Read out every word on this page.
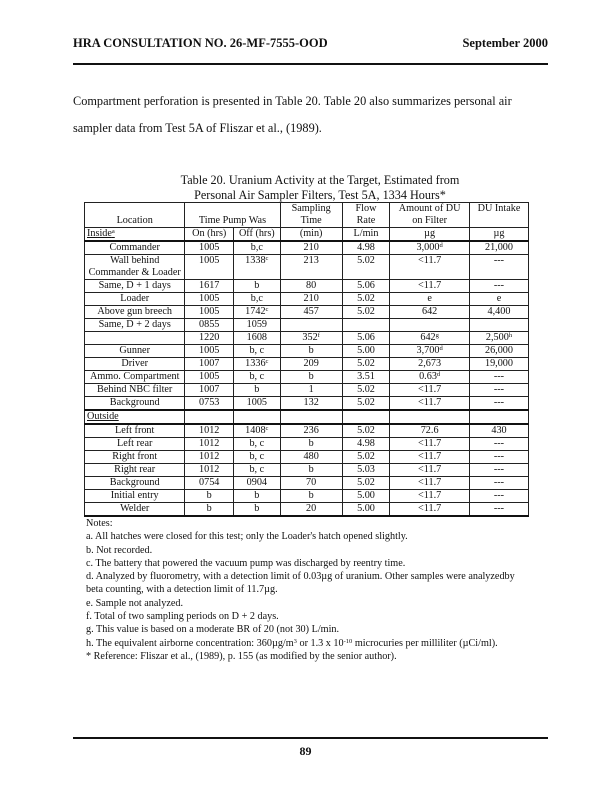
HRA CONSULTATION NO. 26-MF-7555-OOD	September 2000

Compartment perforation is presented in Table 20. Table 20 also summarizes personal air

sampler data from Test 5A of Fliszar et al., (1989).

Table 20. Uranium Activity at the Target, Estimated from
Personal Air Sampler Filters, Test 5A, 1334 Hours*
Location	Time Pump Was		Sampling Time	Flow Rate	Amount of DU on Filter	DU Intake
Inside$^a$	On (hrs)	Off (hrs)	(min)	L/min	µg	µg
Commander	1005	b,c	210	4.98	3,000$^d$	21,000
Wall behind Commander & Loader	1005	1338$^c$	213	5.02	<11.7	---
Same, D + 1 days	1617	b	80	5.06	<11.7	---
Loader	1005	b,c	210	5.02	e	e
Above gun breech	1005	1742$^c$	457	5.02	642	4,400
Same, D + 2 days	0855	1059				
	1220	1608	352$^f$	5.06	642$^g$	2,500$^h$
Gunner	1005	b, c	b	5.00	3,700$^d$	26,000
Driver	1007	1336$^c$	209	5.02	2,673	19,000
Ammo. Compartment	1005	b, c	b	3.51	0.63$^d$	---
Behind NBC filter	1007	b	1	5.02	<11.7	---
Background	0753	1005	132	5.02	<11.7	---
Outside						
Left front	1012	1408$^c$	236	5.02	72.6	430
Left rear	1012	b, c	b	4.98	<11.7	---
Right front	1012	b, c	480	5.02	<11.7	---
Right rear	1012	b, c	b	5.03	<11.7	---
Background	0754	0904	70	5.02	<11.7	---
Initial entry	b	b	b	5.00	<11.7	---
Welder	b	b	20	5.00	<11.7	---
Notes:
a. All hatches were closed for this test; only the Loader's hatch opened slightly.
b. Not recorded.
c. The battery that powered the vacuum pump was discharged by reentry time.
d. Analyzed by fluorometry, with a detection limit of 0.03µg of uranium. Other samples were analyzedby
beta counting, with a detection limit of 11.7µg.
e. Sample not analyzed.
f. Total of two sampling periods on D + 2 days.
g. This value is based on a moderate BR of 20 (not 30) L/min.
h. The equivalent airborne concentration: $360\mu g/m^3$ or 1.3 x $10^{-10}$ microcuries per milliliter (µCi/ml).
* Reference: Fliszar et al., (1989), p. 155 (as modified by the senior author).
89
